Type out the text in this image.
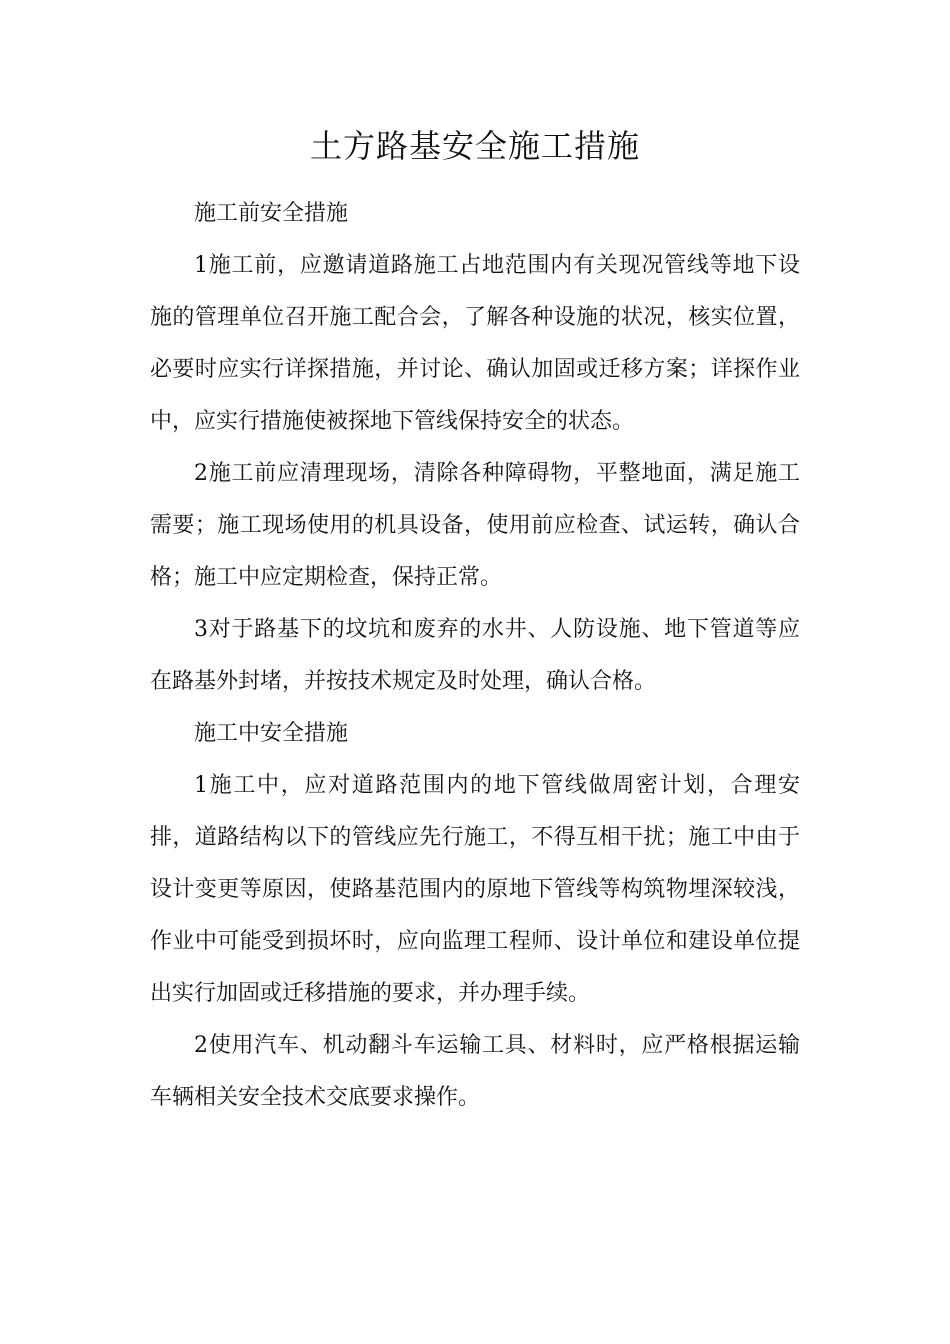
土方路基安全施工措施

施工前安全措施

1施工前，应邀请道路施工占地范围内有关现况管线等地下设施的管理单位召开施工配合会，了解各种设施的状况，核实位置，必要时应实行详探措施，并讨论、确认加固或迁移方案；详探作业中，应实行措施使被探地下管线保持安全的状态。

2施工前应清理现场，清除各种障碍物，平整地面，满足施工需要；施工现场使用的机具设备，使用前应检查、试运转，确认合格；施工中应定期检查，保持正常。

3对于路基下的坟坑和废弃的水井、人防设施、地下管道等应在路基外封堵，并按技术规定及时处理，确认合格。

施工中安全措施

1施工中，应对道路范围内的地下管线做周密计划，合理安排，道路结构以下的管线应先行施工，不得互相干扰；施工中由于设计变更等原因，使路基范围内的原地下管线等构筑物埋深较浅，作业中可能受到损坏时，应向监理工程师、设计单位和建设单位提出实行加固或迁移措施的要求，并办理手续。

2使用汽车、机动翻斗车运输工具、材料时，应严格根据运输车辆相关安全技术交底要求操作。
